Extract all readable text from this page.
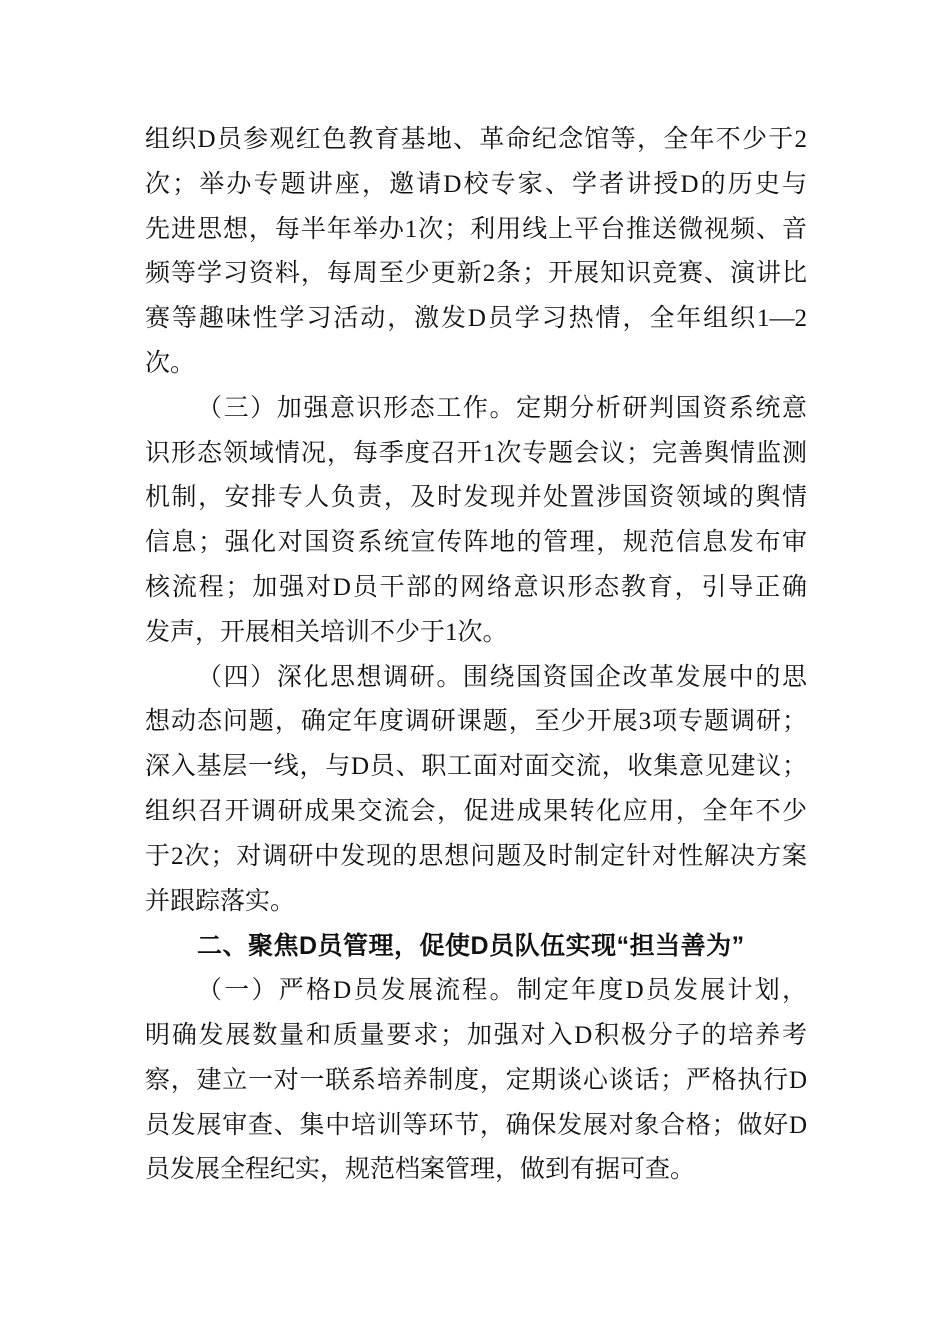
组织D员参观红色教育基地、革命纪念馆等，全年不少于2
次；举办专题讲座，邀请D校专家、学者讲授D的历史与
先进思想，每半年举办1次；利用线上平台推送微视频、音
频等学习资料，每周至少更新2条；开展知识竞赛、演讲比
赛等趣味性学习活动，激发D员学习热情，全年组织1—2
次。
（三）加强意识形态工作。定期分析研判国资系统意
识形态领域情况，每季度召开1次专题会议；完善舆情监测
机制，安排专人负责，及时发现并处置涉国资领域的舆情
信息；强化对国资系统宣传阵地的管理，规范信息发布审
核流程；加强对D员干部的网络意识形态教育，引导正确
发声，开展相关培训不少于1次。
（四）深化思想调研。围绕国资国企改革发展中的思
想动态问题，确定年度调研课题，至少开展3项专题调研；
深入基层一线，与D员、职工面对面交流，收集意见建议；
组织召开调研成果交流会，促进成果转化应用，全年不少
于2次；对调研中发现的思想问题及时制定针对性解决方案
并跟踪落实。
二、聚焦D员管理，促使D员队伍实现“担当善为”
（一）严格D员发展流程。制定年度D员发展计划，
明确发展数量和质量要求；加强对入D积极分子的培养考
察，建立一对一联系培养制度，定期谈心谈话；严格执行D
员发展审查、集中培训等环节，确保发展对象合格；做好D
员发展全程纪实，规范档案管理，做到有据可查。
